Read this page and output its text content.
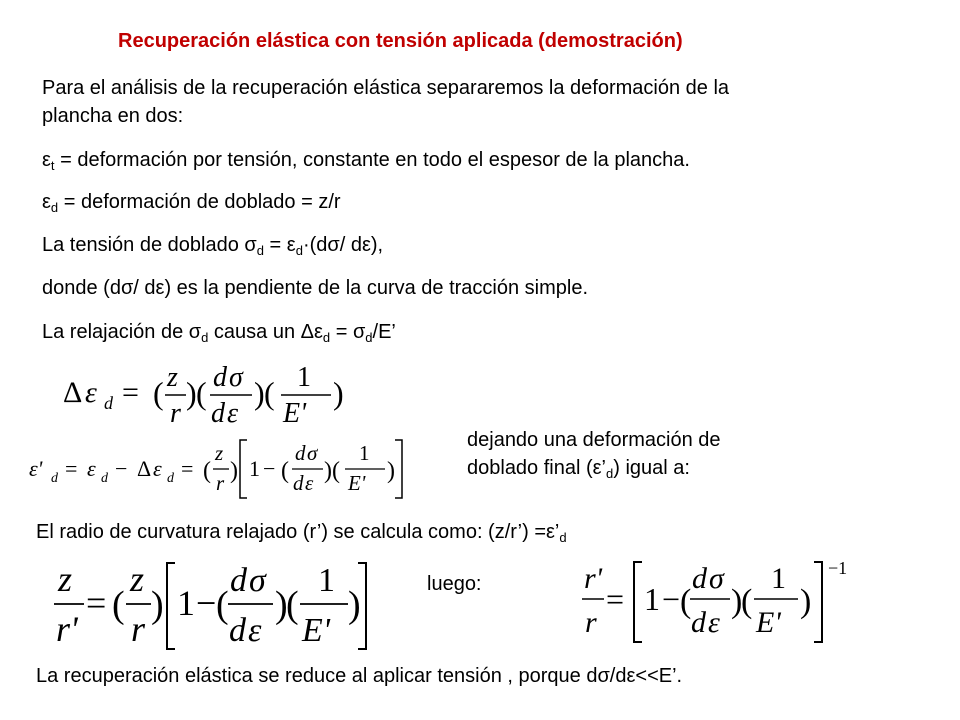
Recuperación elástica con tensión aplicada (demostración)
Para el análisis de la recuperación elástica separaremos la deformación de la
plancha en dos:
$\varepsilon_t$ = deformación por tensión, constante en todo el espesor de la plancha.
$\varepsilon_d$ = deformación de doblado = z/r
La tensión de doblado $\sigma_d = \varepsilon_d\cdot(d\sigma/$ dε),
donde (dσ/ dε) es la pendiente de la curva de tracción simple.
La relajación de $\sigma_d$ causa un $\Delta\varepsilon_d = \sigma_d/E$’
Δ ε d = ( z
r
) ( d σ
d ε
) ( 1
E'
)
ε' d = ε d − Δ ε d = (
z
r ) 1 − (
d σ
d ε ) (
1
E' )
dejando una deformación de
doblado final $(\varepsilon’_d)$ igual a:
El radio de curvatura relajado (r’) se calcula como: (z/r’) $=\varepsilon’_d$
z
r'
= (
z
r
) 1 − (
d σ
d ε
)
(
1
E'
)	luego:	r'
r
= 1 − (
d σ
d ε
)
(
1
E'
)
−1
La recuperación elástica se reduce al aplicar tensión , porque dσ/dε<<E’.
